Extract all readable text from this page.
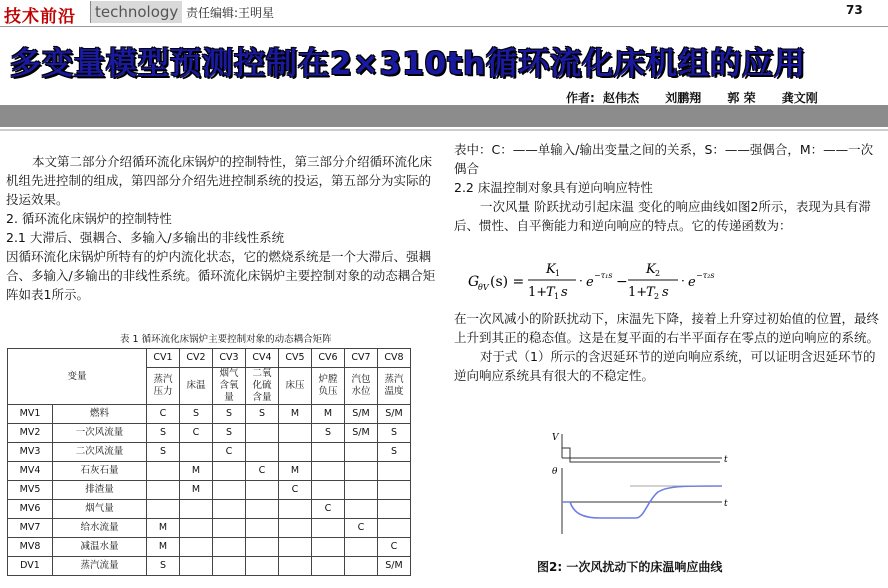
技术前沿	technology 责任编辑:王明星	73
多变量模型预测控制在2×310th循环流化床机组的应用
作者: 赵伟杰 刘鹏翔 郭 荣 龚文刚

本文第二部分介绍循环流化床锅炉的控制特性，第三部分介绍循环流化床机组先进控制的组成，第四部分介绍先进控制系统的投运，第五部分为实际的投运效果。

2. 循环流化床锅炉的控制特性

2.1 大滞后、强耦合、多输入/多输出的非线性系统

因循环流化床锅炉所特有的炉内流化状态，它的燃烧系统是一个大滞后、强耦合、多输入/多输出的非线性系统。循环流化床锅炉主要控制对象的动态耦合矩阵如表1所示。

表 1 循环流化床锅炉主要控制对象的动态耦合矩阵
变量		CV1	CV2	CV3	CV4	CV5	CV6	CV7	CV8
		蒸汽压力	床温	烟气含氧量	二氧化硫含量	床压	炉膛负压	汽包水位	蒸汽温度
MV1	燃料	C	S	S	S	M	M	S/M	S/M
MV2	一次风流量	S	C	S			S	S/M	S
MV3	二次风流量	S		C					S
MV4	石灰石量		M		C	M			
MV5	排渣量		M			C			
MV6	烟气量						C		
MV7	给水流量	M						C	
MV8	减温水量	M							C
DV1	蒸汽流量	S							S/M

表中：C：——单输入/输出变量之间的关系，S：——强偶合，M：——一次偶合

2.2 床温控制对象具有逆向响应特性

一次风量 阶跃扰动引起床温 变化的响应曲线如图2所示，表现为具有滞后、惯性、自平衡能力和逆向响应的特点。它的传递函数为：

G
θV (s) =
K 1
1+
T 1 s
· e −τ₁s −
K 2
1+
T 2 s
· e −τ₂s

在一次风减小的阶跃扰动下，床温先下降，接着上升穿过初始值的位置，最终上升到其正的稳态值。这是在复平面的右半平面存在零点的逆向响应的系统。

对于式（1）所示的含迟延环节的逆向响应系统，可以证明含迟延环节的逆向响应系统具有很大的不稳定性。

V
t
θ
t
图2: 一次风扰动下的床温响应曲线
